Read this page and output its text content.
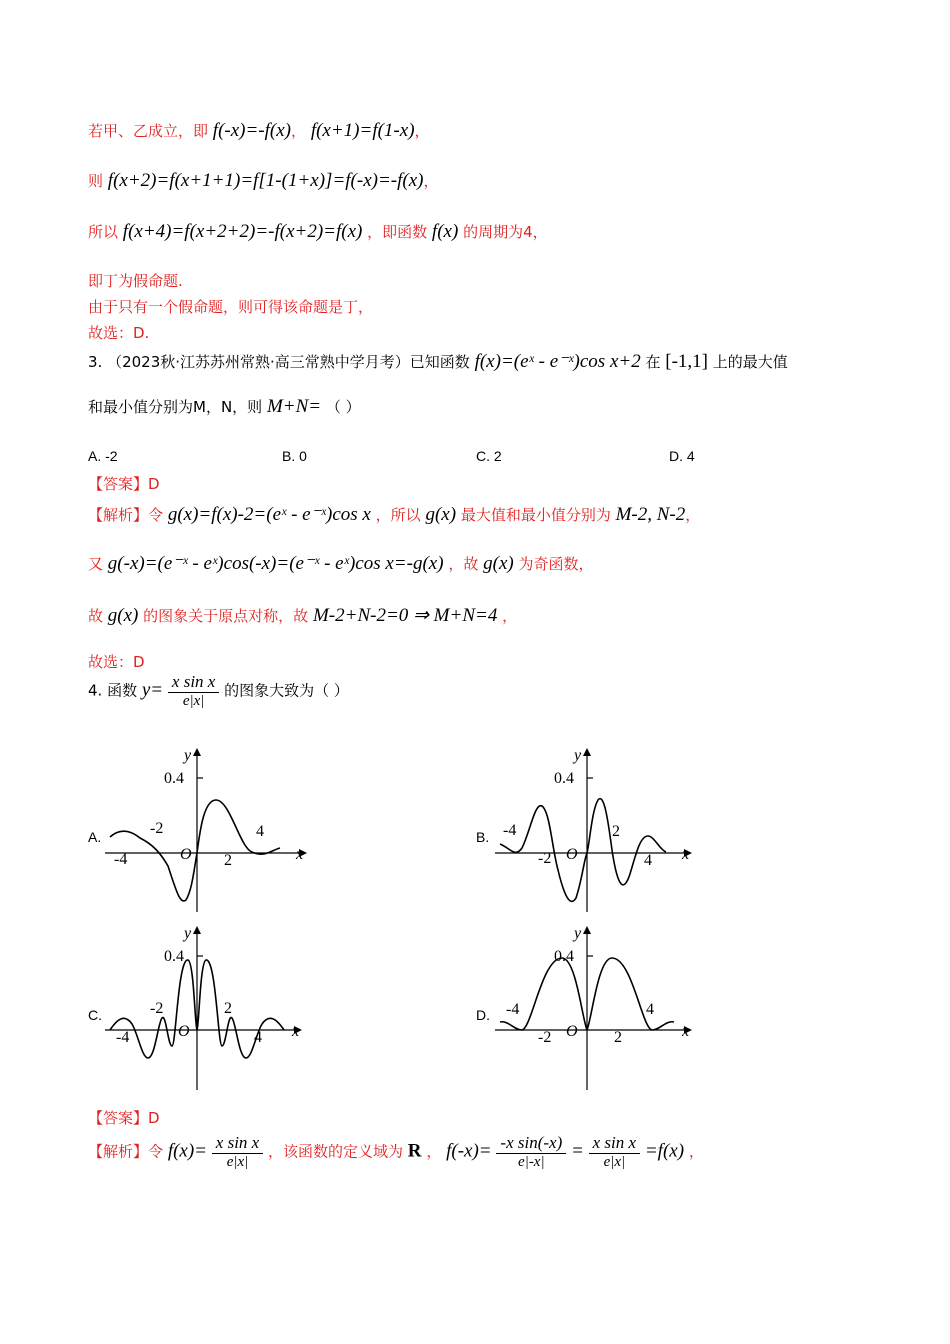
若甲、乙成立，即 f(-x)=-f(x)， f(x+1)=f(1-x)，
则 f(x+2)=f(x+1+1)=f[1-(1+x)]=f(-x)=-f(x)，
所以 f(x+4)=f(x+2+2)=-f(x+2)=f(x) ，即函数 f(x) 的周期为4，
即丁为假命题.
由于只有一个假命题，则可得该命题是丁，
故选：D.
3. （2023秋·江苏苏州常熟·高三常熟中学月考）已知函数 f(x)=(eˣ - e⁻ˣ)cos x+2 在 [-1,1] 上的最大值
和最小值分别为M，N，则 M+N= （ ）
A. -2	B. 0	C. 2	D. 4
【答案】D
【解析】令 g(x)=f(x)-2=(eˣ - e⁻ˣ)cos x ，所以 g(x) 最大值和最小值分别为 M-2, N-2，
又 g(-x)=(e⁻ˣ - eˣ)cos(-x)=(e⁻ˣ - eˣ)cos x=-g(x) ，故 g(x) 为奇函数，
故 g(x) 的图象关于原点对称，故 M-2+N-2=0 ⇒ M+N=4 ，
故选：D
4. 函数 $y= \frac{\text{x sin x}}{e|x|}$ 的图象大致为（ ）
A.
0.4
-2	4
-4	2
O	x
y
B.
0.4
-4	2
-2	4
O	x
y
C.
0.4
-2	2
-4	4
O	x
y
D.
0.4
-4	4
-2	2
O	x
y
【答案】D
【解析】令 $f(x)= \frac{\text{x sin x}}{e|x|}$ ，该函数的定义域为 R ， $f(-x)= \frac{\text{-x sin(-x)}}{e|-x|} = \frac{\text{x sin x}}{e|x|} =f(x)$ ，
